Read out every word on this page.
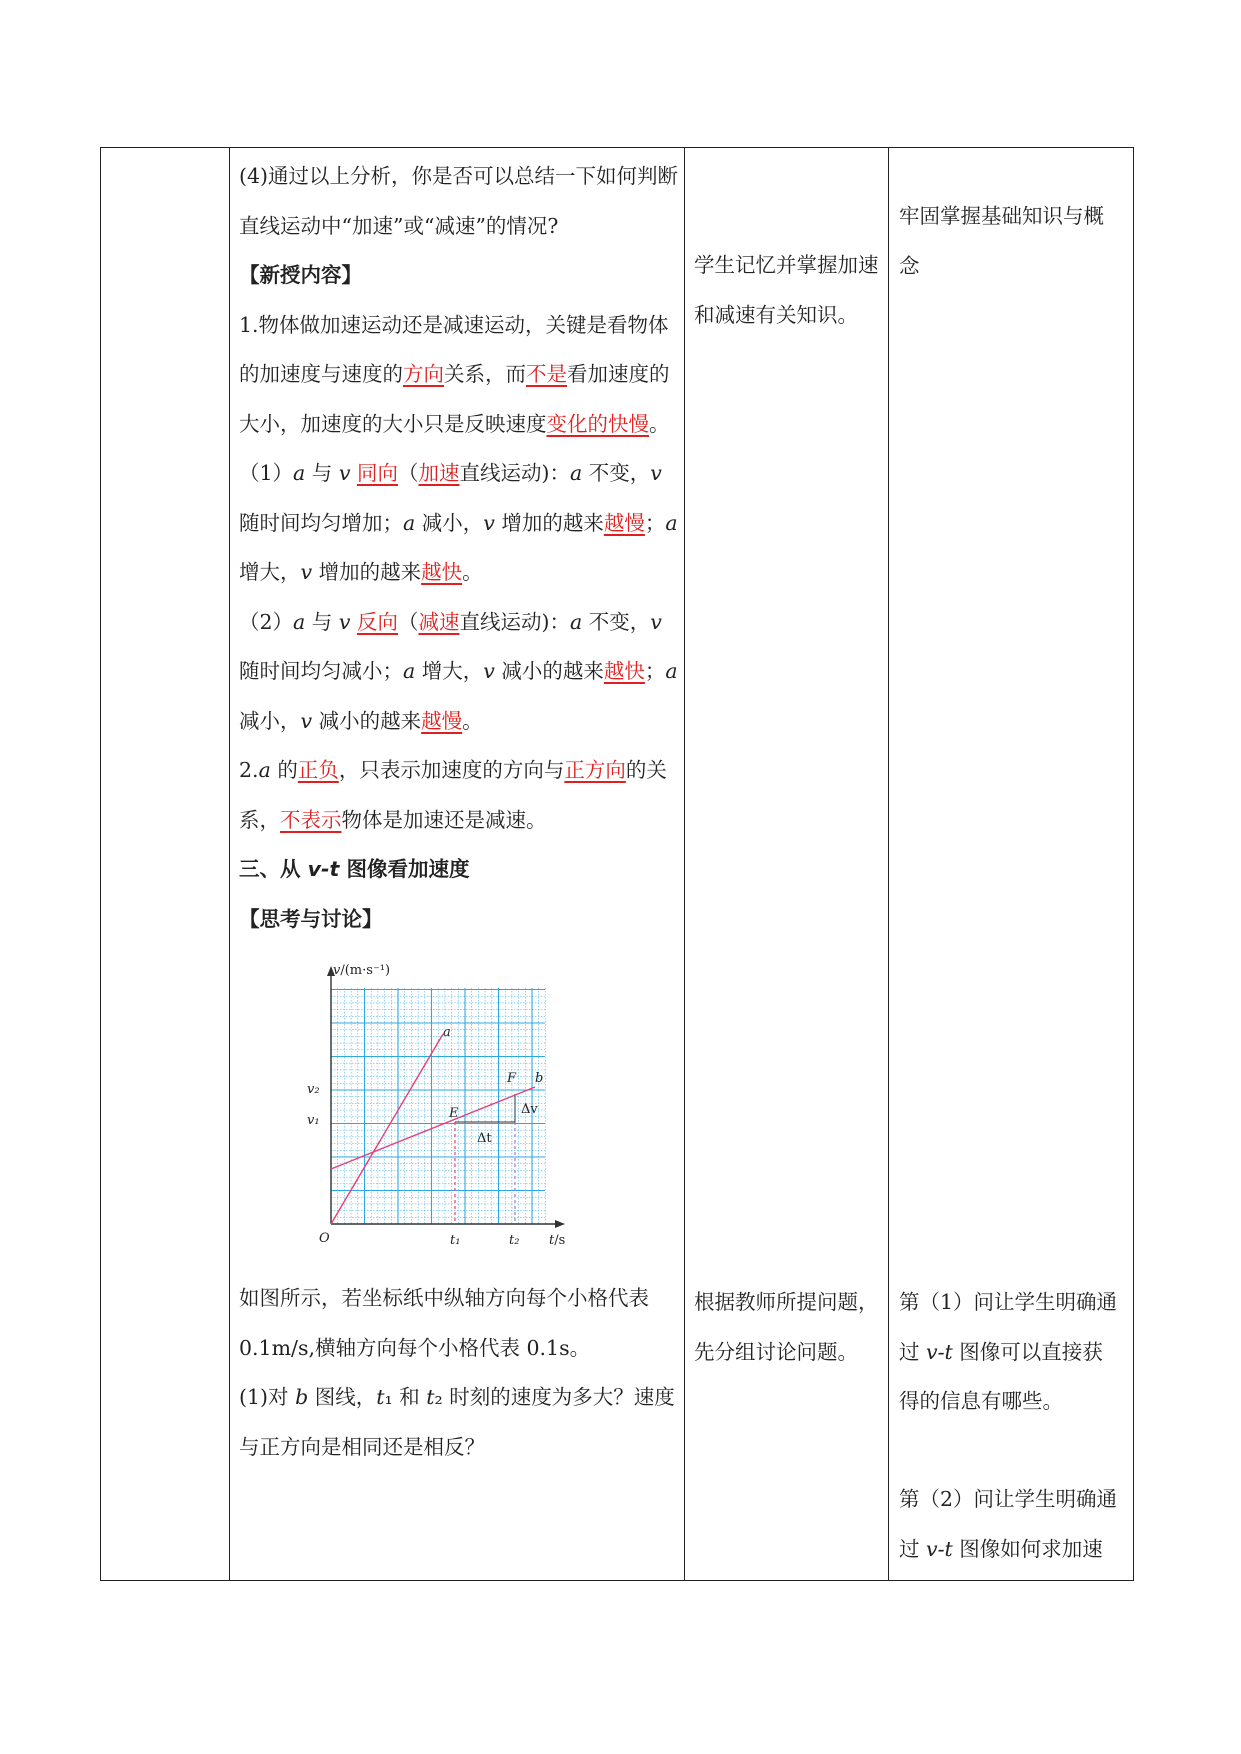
(4)通过以上分析，你是否可以总结一下如何判断直线运动中“加速”或“减速”的情况?

【新授内容】

1.物体做加速运动还是减速运动，关键是看物体的加速度与速度的方向关系，而不是看加速度的大小，加速度的大小只是反映速度变化的快慢。

（1）a 与 v 同向（加速直线运动)：a 不变，v 随时间均匀增加；a 减小，v 增加的越来越慢；a 增大，v 增加的越来越快。

（2）a 与 v 反向（减速直线运动)：a 不变，v 随时间均匀减小；a 增大，v 减小的越来越快；a 减小，v 减小的越来越慢。

2.a 的正负，只表示加速度的方向与正方向的关系，不表示物体是加速还是减速。

三、从 v-t 图像看加速度

【思考与讨论】

v/(m·s⁻¹)
t/s
O
a
b
F
E	Δv
Δt
v₂
v₁
t₁	t₂

如图所示，若坐标纸中纵轴方向每个小格代表 0.1m/s,横轴方向每个小格代表 0.1s。

(1)对 b 图线，t₁ 和 t₂ 时刻的速度为多大？速度与正方向是相同还是相反？

学生记忆并掌握加速和减速有关知识。
根据教师所提问题，先分组讨论问题。
牢固掌握基础知识与概念
第（1）问让学生明确通过 v-t 图像可以直接获得的信息有哪些。
第（2）问让学生明确通过 v-t 图像如何求加速
